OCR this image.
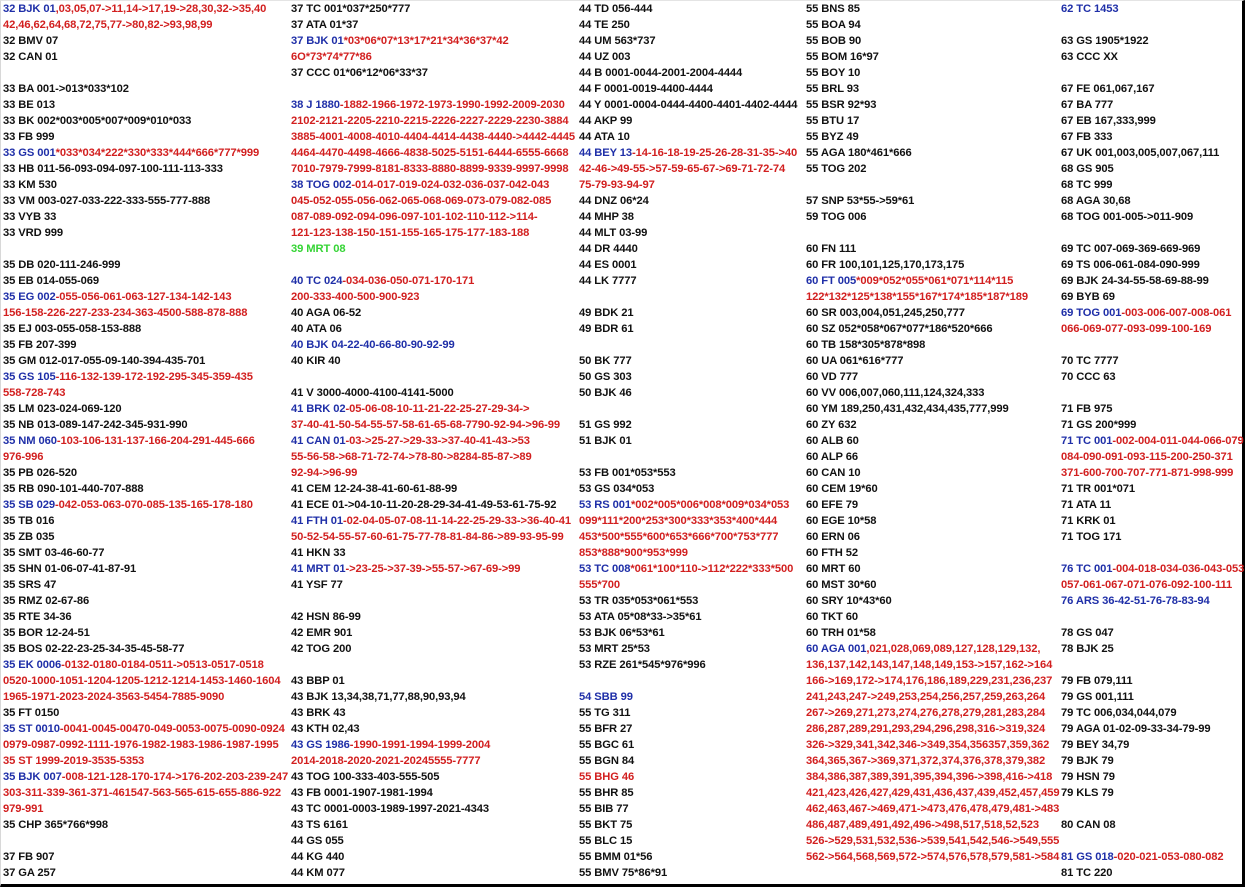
32 BJK 01,03,05,07->11,14->17,19->28,30,32->35,40
42,46,62,64,68,72,75,77->80,82->93,98,99
32 BMV 07
32 CAN 01

33 BA 001->013*033*102
33 BE 013
33 BK 002*003*005*007*009*010*033
33 FB 999
33 GS 001*033*034*222*330*333*444*666*777*999
33 HB 011-56-093-094-097-100-111-113-333
33 KM 530
33 VM 003-027-033-222-333-555-777-888
33 VYB 33
33 VRD 999

35 DB 020-111-246-999
35 EB 014-055-069
35 EG 002-055-056-061-063-127-134-142-143
156-158-226-227-233-234-363-4500-588-878-888
35 EJ 003-055-058-153-888
35 FB 207-399
35 GM 012-017-055-09-140-394-435-701
35 GS 105-116-132-139-172-192-295-345-359-435
558-728-743
35 LM 023-024-069-120
35 NB 013-089-147-242-345-931-990
35 NM 060-103-106-131-137-166-204-291-445-666
976-996
35 PB 026-520
35 RB 090-101-440-707-888
35 SB 029-042-053-063-070-085-135-165-178-180
35 TB 016
35 ZB 035
35 SMT 03-46-60-77
35 SHN 01-06-07-41-87-91
35 SRS 47
35 RMZ 02-67-86
35 RTE 34-36
35 BOR 12-24-51
35 BOS 02-22-23-25-34-35-45-58-77
35 EK 0006-0132-0180-0184-0511->0513-0517-0518
0520-1000-1051-1204-1205-1212-1214-1453-1460-1604
1965-1971-2023-2024-3563-5454-7885-9090
35 FT 0150
35 ST 0010-0041-0045-00470-049-0053-0075-0090-0924
0979-0987-0992-1111-1976-1982-1983-1986-1987-1995
35 ST 1999-2019-3535-5353
35 BJK 007-008-121-128-170-174->176-202-203-239-247
303-311-339-361-371-461547-563-565-615-655-886-922
979-991
35 CHP 365*766*998

37 FB 907
37 GA 257
37 TC 001*037*250*777
37 ATA 01*37
37 BJK 01*03*06*07*13*17*21*34*36*37*42
6O*73*74*77*86
37 CCC 01*06*12*06*33*37

38 J 1880-1882-1966-1972-1973-1990-1992-2009-2030
2102-2121-2205-2210-2215-2226-2227-2229-2230-3884
3885-4001-4008-4010-4404-4414-4438-4440->4442-4445
4464-4470-4498-4666-4838-5025-5151-6444-6555-6668
7010-7979-7999-8181-8333-8880-8899-9339-9997-9998
38 TOG 002-014-017-019-024-032-036-037-042-043
045-052-055-056-062-065-068-069-073-079-082-085
087-089-092-094-096-097-101-102-110-112->114-
121-123-138-150-151-155-165-175-177-183-188
39 MRT 08

40 TC 024-034-036-050-071-170-171
200-333-400-500-900-923
40 AGA 06-52
40 ATA 06
40 BJK 04-22-40-66-80-90-92-99
40 KIR 40

41 V 3000-4000-4100-4141-5000
41 BRK 02-05-06-08-10-11-21-22-25-27-29-34->
37-40-41-50-54-55-57-58-61-65-68-7790-92-94->96-99
41 CAN 01-03->25-27->29-33->37-40-41-43->53
55-56-58->68-71-72-74->78-80->8284-85-87->89
92-94->96-99
41 CEM 12-24-38-41-60-61-88-99
41 ECE 01->04-10-11-20-28-29-34-41-49-53-61-75-92
41 FTH 01-02-04-05-07-08-11-14-22-25-29-33->36-40-41
50-52-54-55-57-60-61-75-77-78-81-84-86->89-93-95-99
41 HKN 33
41 MRT 01->23-25->37-39->55-57->67-69->99
41 YSF 77

42 HSN 86-99
42 EMR 901
42 TOG 200

43 BBP 01
43 BJK 13,34,38,71,77,88,90,93,94
43 BRK 43
43 KTH 02,43
43 GS 1986-1990-1991-1994-1999-2004
2014-2018-2020-2021-20245555-7777
43 TOG 100-333-403-555-505
43 FB 0001-1907-1981-1994
43 TC 0001-0003-1989-1997-2021-4343
43 TS 6161
44 GS 055
44 KG 440
44 KM 077
44 TD 056-444
44 TE 250
44 UM 563*737
44 UZ 003
44 B 0001-0044-2001-2004-4444
44 F 0001-0019-4400-4444
44 Y 0001-0004-0444-4400-4401-4402-4444
44 AKP 99
44 ATA 10
44 BEY 13-14-16-18-19-25-26-28-31-35->40
42-46->49-55->57-59-65-67->69-71-72-74
75-79-93-94-97
44 DNZ 06*24
44 MHP 38
44 MLT 03-99
44 DR 4440
44 ES 0001
44 LK 7777

49 BDK 21
49 BDR 61

50 BK 777
50 GS 303
50 BJK 46

51 GS 992
51 BJK 01

53 FB 001*053*553
53 GS 034*053
53 RS 001*002*005*006*008*009*034*053
099*111*200*253*300*333*353*400*444
453*500*555*600*653*666*700*753*777
853*888*900*953*999
53 TC 008*061*100*110->112*222*333*500
555*700
53 TR 035*053*061*553
53 ATA 05*08*33->35*61
53 BJK 06*53*61
53 MRT 25*53
53 RZE 261*545*976*996

54 SBB 99
55 TG 311
55 BFR 27
55 BGC 61
55 BGN 84
55 BHG 46
55 BHR 85
55 BIB 77
55 BKT 75
55 BLC 15
55 BMM 01*56
55 BMV 75*86*91
55 BNS 85
55 BOA 94
55 BOB 90
55 BOM 16*97
55 BOY 10
55 BRL 93
55 BSR 92*93
55 BTU 17
55 BYZ 49
55 AGA 180*461*666
55 TOG 202

57 SNP 53*55->59*61
59 TOG 006

60 FN 111
60 FR 100,101,125,170,173,175
60 FT 005*009*052*055*061*071*114*115
122*132*125*138*155*167*174*185*187*189
60 SR 003,004,051,245,250,777
60 SZ 052*058*067*077*186*520*666
60 TB 158*305*878*898
60 UA 061*616*777
60 VD 777
60 VV 006,007,060,111,124,324,333
60 YM 189,250,431,432,434,435,777,999
60 ZY 632
60 ALB 60
60 ALP 66
60 CAN 10
60 CEM 19*60
60 EFE 79
60 EGE 10*58
60 ERN 06
60 FTH 52
60 MRT 60
60 MST 30*60
60 SRY 10*43*60
60 TKT 60
60 TRH 01*58
60 AGA 001,021,028,069,089,127,128,129,132,
136,137,142,143,147,148,149,153->157,162->164
166->169,172->174,176,186,189,229,231,236,237
241,243,247->249,253,254,256,257,259,263,264
267->269,271,273,274,276,278,279,281,283,284
286,287,289,291,293,294,296,298,316->319,324
326->329,341,342,346->349,354,356357,359,362
364,365,367->369,371,372,374,376,378,379,382
384,386,387,389,391,395,394,396->398,416->418
421,423,426,427,429,431,436,437,439,452,457,459
462,463,467->469,471->473,476,478,479,481->483
486,487,489,491,492,496->498,517,518,52,523
526->529,531,532,536->539,541,542,546->549,555
562->564,568,569,572->574,576,578,579,581->584
62 TC 1453

63 GS 1905*1922
63 CCC XX

67 FE 061,067,167
67 BA 777
67 EB 167,333,999
67 FB 333
67 UK 001,003,005,007,067,111
68 GS 905
68 TC 999
68 AGA 30,68
68 TOG 001-005->011-909

69 TC 007-069-369-669-969
69 TS 006-061-084-090-999
69 BJK 24-34-55-58-69-88-99
69 BYB 69
69 TOG 001-003-006-007-008-061
066-069-077-093-099-100-169

70 TC 7777
70 CCC 63

71 FB 975
71 GS 200*999
71 TC 001-002-004-011-044-066-079
084-090-091-093-115-200-250-371
371-600-700-707-771-871-998-999
71 TR 001*071
71 ATA 11
71 KRK 01
71 TOG 171

76 TC 001-004-018-034-036-043-053
057-061-067-071-076-092-100-111
76 ARS 36-42-51-76-78-83-94

78 GS 047
78 BJK 25

79 FB 079,111
79 GS 001,111
79 TC 006,034,044,079
79 AGA 01-02-09-33-34-79-99
79 BEY 34,79
79 BJK 79
79 HSN 79
79 KLS 79

80 CAN 08

81 GS 018-020-021-053-080-082
81 TC 220
